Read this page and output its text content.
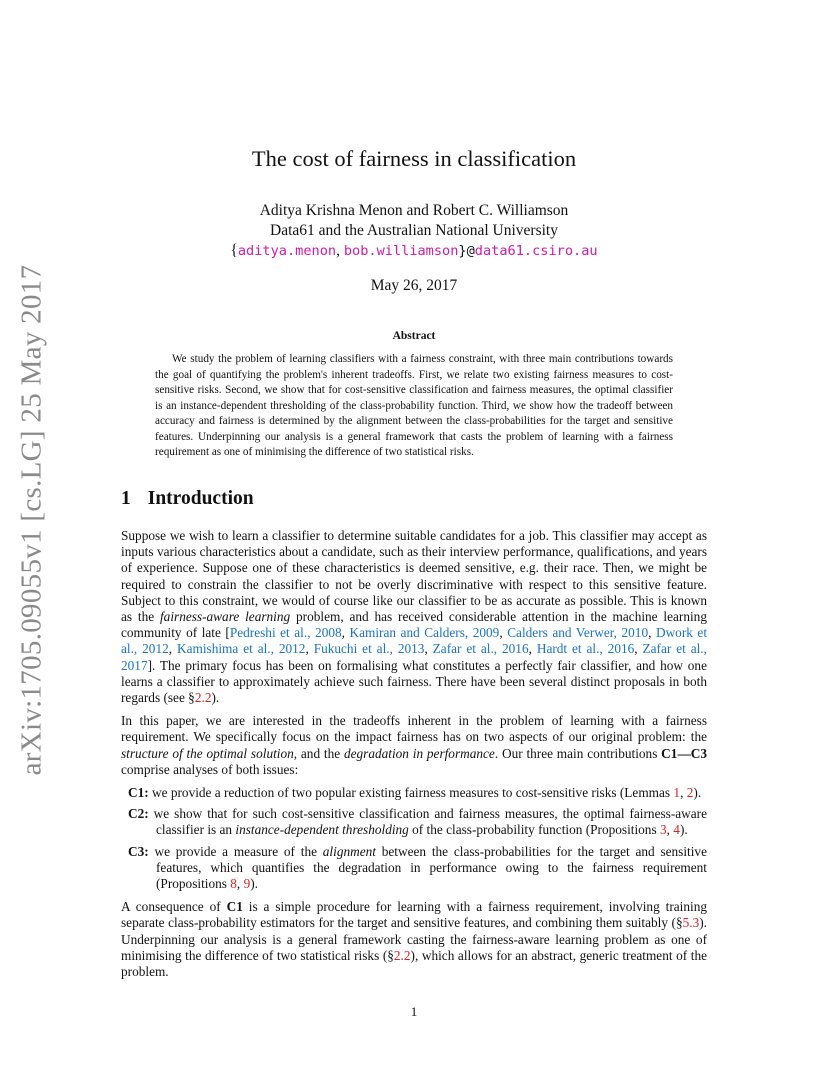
arXiv:1705.09055v1 [cs.LG] 25 May 2017
The cost of fairness in classification
Aditya Krishna Menon and Robert C. Williamson
Data61 and the Australian National University
{aditya.menon, bob.williamson}@data61.csiro.au
May 26, 2017
Abstract

We study the problem of learning classifiers with a fairness constraint, with three main contributions towards the goal of quantifying the problem's inherent tradeoffs. First, we relate two existing fairness measures to cost-sensitive risks. Second, we show that for cost-sensitive classification and fairness measures, the optimal classifier is an instance-dependent thresholding of the class-probability function. Third, we show how the tradeoff between accuracy and fairness is determined by the alignment between the class-probabilities for the target and sensitive features. Underpinning our analysis is a general framework that casts the problem of learning with a fairness requirement as one of minimising the difference of two statistical risks.

1 Introduction

Suppose we wish to learn a classifier to determine suitable candidates for a job. This classifier may accept as inputs various characteristics about a candidate, such as their interview performance, qualifications, and years of experience. Suppose one of these characteristics is deemed sensitive, e.g. their race. Then, we might be required to constrain the classifier to not be overly discriminative with respect to this sensitive feature. Subject to this constraint, we would of course like our classifier to be as accurate as possible. This is known as the fairness-aware learning problem, and has received considerable attention in the machine learning community of late [Pedreshi et al., 2008, Kamiran and Calders, 2009, Calders and Verwer, 2010, Dwork et al., 2012, Kamishima et al., 2012, Fukuchi et al., 2013, Zafar et al., 2016, Hardt et al., 2016, Zafar et al., 2017]. The primary focus has been on formalising what constitutes a perfectly fair classifier, and how one learns a classifier to approximately achieve such fairness. There have been several distinct proposals in both regards (see §2.2).

In this paper, we are interested in the tradeoffs inherent in the problem of learning with a fairness requirement. We specifically focus on the impact fairness has on two aspects of our original problem: the structure of the optimal solution, and the degradation in performance. Our three main contributions C1—C3 comprise analyses of both issues:

C1: we provide a reduction of two popular existing fairness measures to cost-sensitive risks (Lemmas 1, 2).
C2: we show that for such cost-sensitive classification and fairness measures, the optimal fairness-aware classifier is an instance-dependent thresholding of the class-probability function (Propositions 3, 4).
C3: we provide a measure of the alignment between the class-probabilities for the target and sensitive features, which quantifies the degradation in performance owing to the fairness requirement (Propositions 8, 9).

A consequence of C1 is a simple procedure for learning with a fairness requirement, involving training separate class-probability estimators for the target and sensitive features, and combining them suitably (§5.3). Underpinning our analysis is a general framework casting the fairness-aware learning problem as one of minimising the difference of two statistical risks (§2.2), which allows for an abstract, generic treatment of the problem.

1
